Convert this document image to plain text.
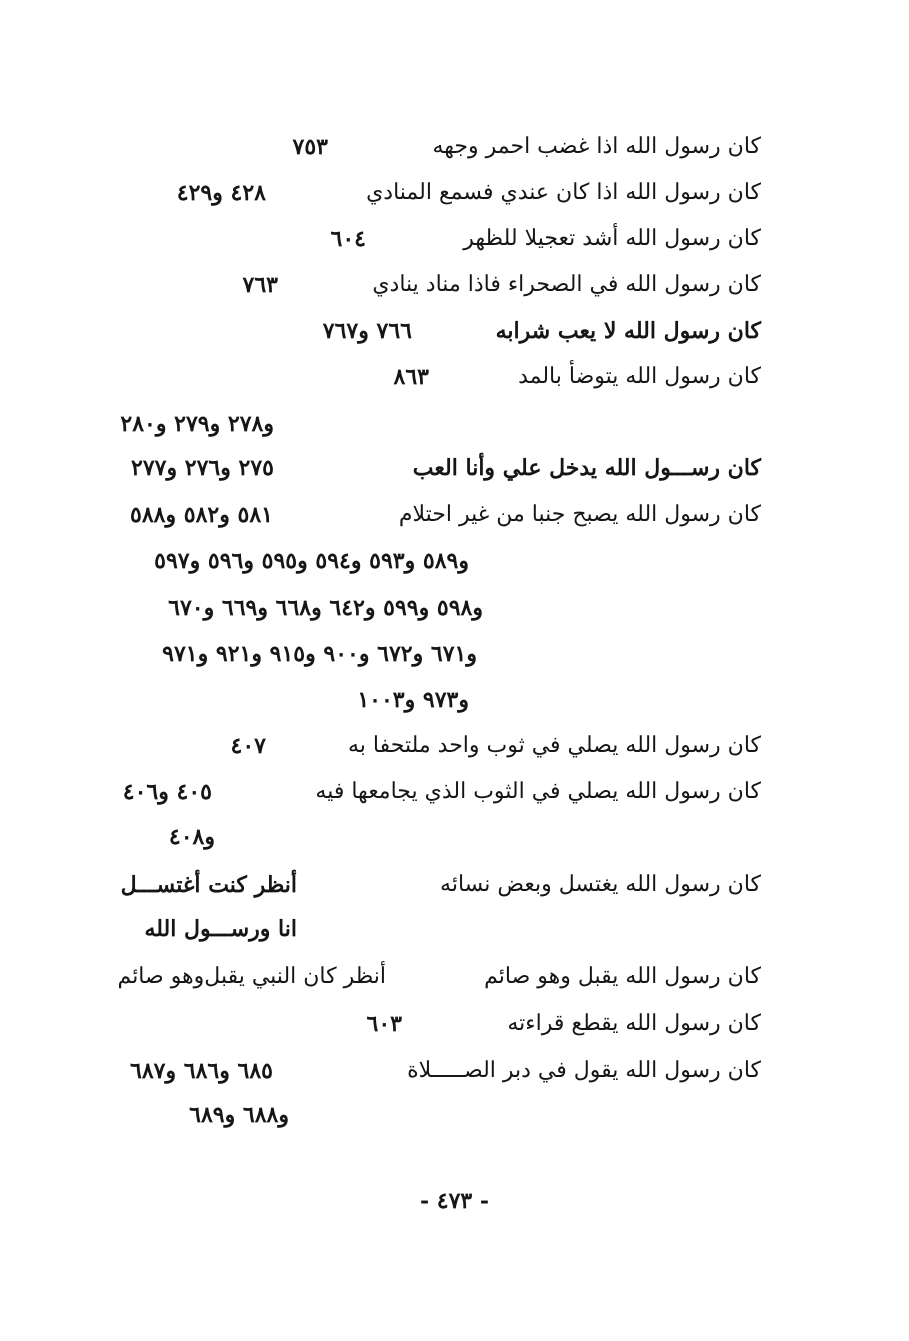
كان رسول الله اذا غضب احمر وجهه
٧٥٣
كان رسول الله اذا كان عندي فسمع المنادي
٤٢٨ و٤٢٩
كان رسول الله أشد تعجيلا للظهر
٦٠٤
كان رسول الله في الصحراء فاذا مناد ينادي
٧٦٣
كان رسول الله لا يعب شرابه
٧٦٦ و٧٦٧
كان رسول الله يتوضأ بالمد
٨٦٣
و٢٧٨ و٢٧٩ و٢٨٠
كان رســـول الله يدخل علي وأنا العب
٢٧٥ و٢٧٦ و٢٧٧
كان رسول الله يصبح جنبا من غير احتلام
٥٨١ و٥٨٢ و٥٨٨
و٥٨٩ و٥٩٣ و٥٩٤ و٥٩٥ و٥٩٦ و٥٩٧
و٥٩٨ و٥٩٩ و٦٤٢ و٦٦٨ و٦٦٩ و٦٧٠
و٦٧١ و٦٧٢ و٩٠٠ و٩١٥ و٩٢١ و٩٧١
و٩٧٣ و١٠٠٣
كان رسول الله يصلي في ثوب واحد ملتحفا به
٤٠٧
كان رسول الله يصلي في الثوب الذي يجامعها فيه
٤٠٥ و٤٠٦
و٤٠٨
كان رسول الله يغتسل وبعض نسائه
أنظر كنت أغتســـل
انا ورســـول الله
كان رسول الله يقبل وهو صائم
أنظر كان النبي يقبل‌وهو صائم
كان رسول الله يقطع قراءته
٦٠٣
كان رسول الله يقول في دبر الصـــــلاة
٦٨٥ و٦٨٦ و٦٨٧
و٦٨٨ و٦٨٩
- ٤٧٣ -
